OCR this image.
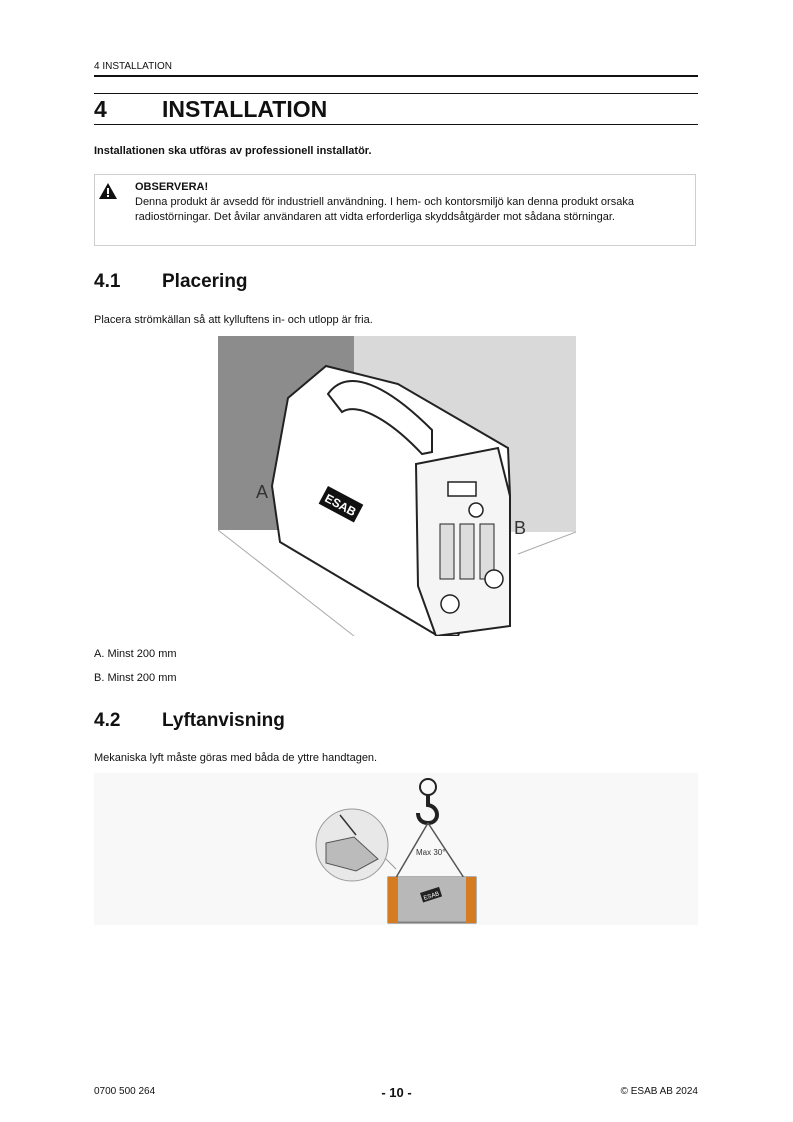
4 INSTALLATION
4 INSTALLATION
Installationen ska utföras av professionell installatör.
OBSERVERA!
Denna produkt är avsedd för industriell användning. I hem- och kontorsmiljö kan denna produkt orsaka radiostörningar. Det åvilar användaren att vidta erforderliga skyddsåtgärder mot sådana störningar.
4.1 Placering
Placera strömkällan så att kylluftens in- och utlopp är fria.
ESAB
A
B
A. Minst 200 mm
B. Minst 200 mm
4.2 Lyftanvisning
Mekaniska lyft måste göras med båda de yttre handtagen.
Max 30°
ESAB
0700 500 264	- 10 -	© ESAB AB 2024
